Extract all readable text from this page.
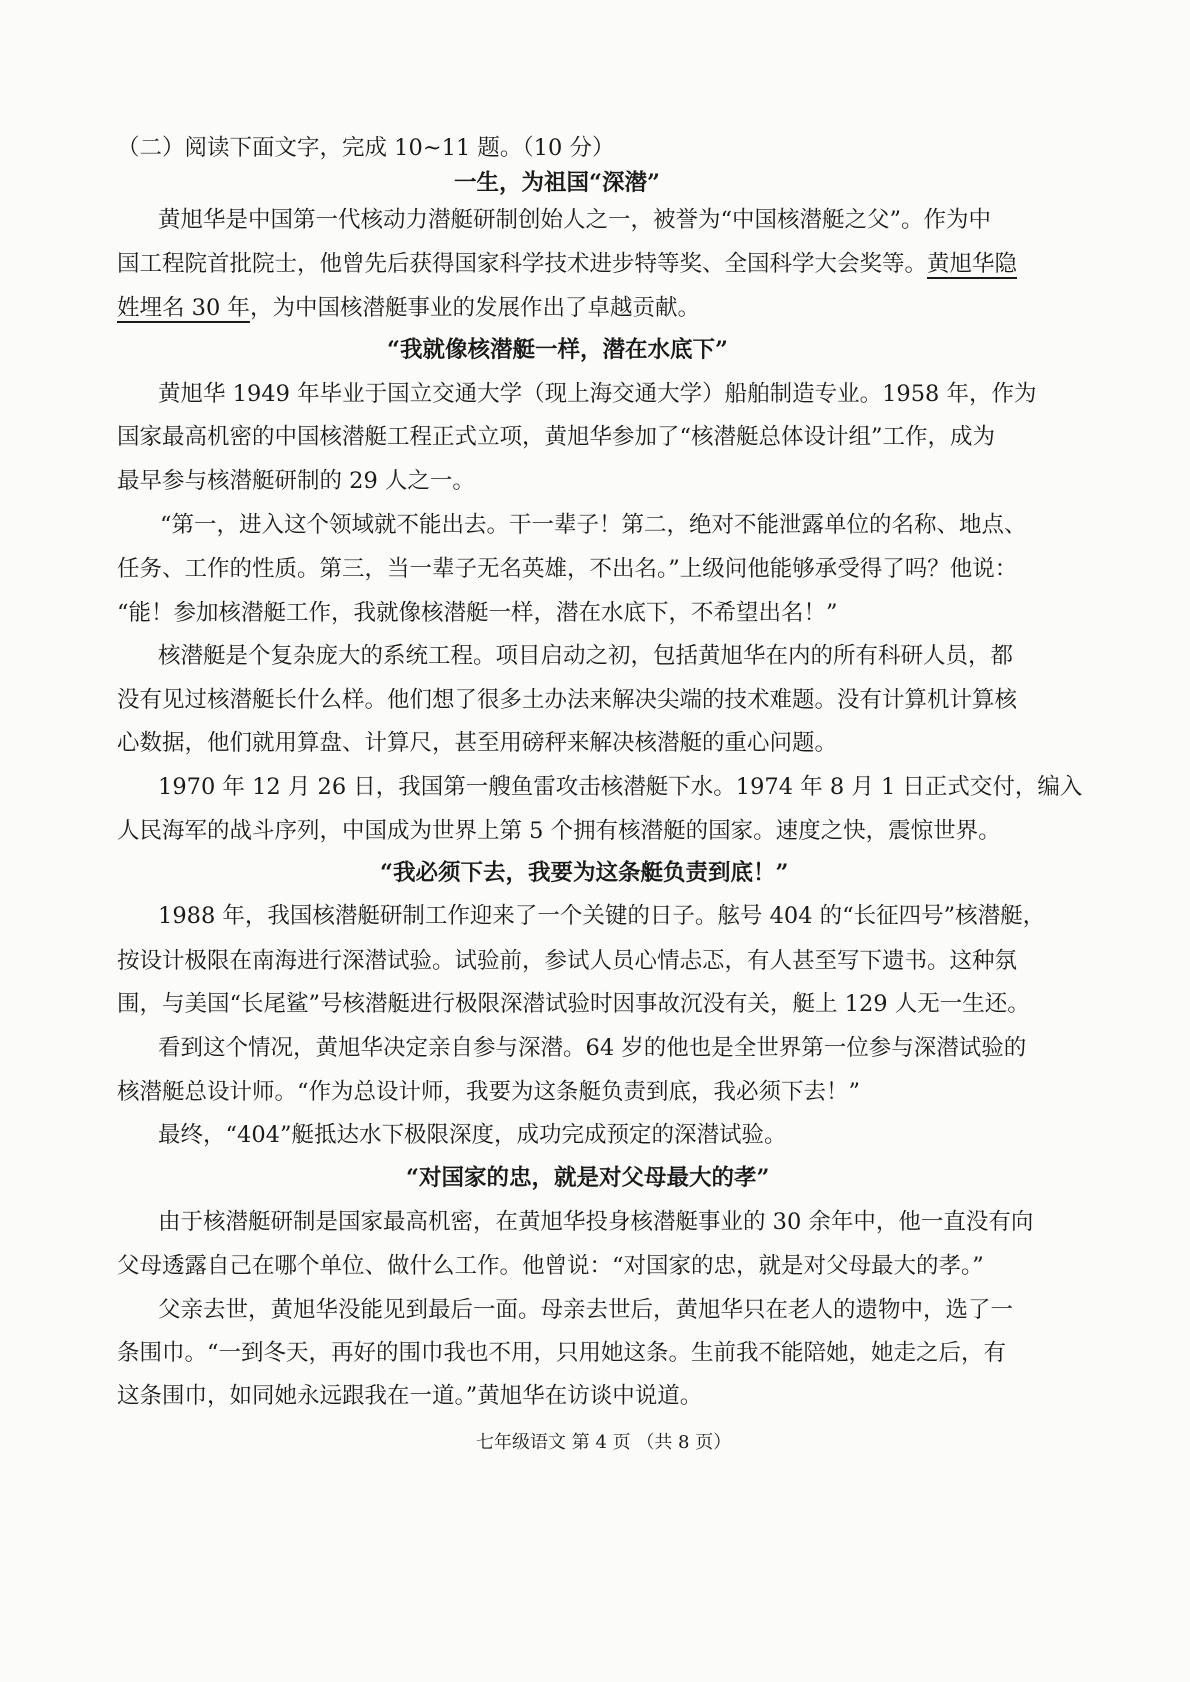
（二）阅读下面文字，完成 10~11 题。（10 分）
一生，为祖国“深潜”
黄旭华是中国第一代核动力潜艇研制创始人之一，被誉为“中国核潜艇之父”。作为中
国工程院首批院士，他曾先后获得国家科学技术进步特等奖、全国科学大会奖等。黄旭华隐
姓埋名 30 年，为中国核潜艇事业的发展作出了卓越贡献。
“我就像核潜艇一样，潜在水底下”
黄旭华 1949 年毕业于国立交通大学（现上海交通大学）船舶制造专业。1958 年，作为
国家最高机密的中国核潜艇工程正式立项，黄旭华参加了“核潜艇总体设计组”工作，成为
最早参与核潜艇研制的 29 人之一。
“第一，进入这个领域就不能出去。干一辈子！第二，绝对不能泄露单位的名称、地点、
任务、工作的性质。第三，当一辈子无名英雄，不出名。”上级问他能够承受得了吗？他说：
“能！参加核潜艇工作，我就像核潜艇一样，潜在水底下，不希望出名！”
核潜艇是个复杂庞大的系统工程。项目启动之初，包括黄旭华在内的所有科研人员，都
没有见过核潜艇长什么样。他们想了很多土办法来解决尖端的技术难题。没有计算机计算核
心数据，他们就用算盘、计算尺，甚至用磅秤来解决核潜艇的重心问题。
1970 年 12 月 26 日，我国第一艘鱼雷攻击核潜艇下水。1974 年 8 月 1 日正式交付，编入
人民海军的战斗序列，中国成为世界上第 5 个拥有核潜艇的国家。速度之快，震惊世界。
“我必须下去，我要为这条艇负责到底！”
1988 年，我国核潜艇研制工作迎来了一个关键的日子。舷号 404 的“长征四号”核潜艇，
按设计极限在南海进行深潜试验。试验前，参试人员心情忐忑，有人甚至写下遗书。这种氛
围，与美国“长尾鲨”号核潜艇进行极限深潜试验时因事故沉没有关，艇上 129 人无一生还。
看到这个情况，黄旭华决定亲自参与深潜。64 岁的他也是全世界第一位参与深潜试验的
核潜艇总设计师。“作为总设计师，我要为这条艇负责到底，我必须下去！”
最终，“404”艇抵达水下极限深度，成功完成预定的深潜试验。
“对国家的忠，就是对父母最大的孝”
由于核潜艇研制是国家最高机密，在黄旭华投身核潜艇事业的 30 余年中，他一直没有向
父母透露自己在哪个单位、做什么工作。他曾说：“对国家的忠，就是对父母最大的孝。”
父亲去世，黄旭华没能见到最后一面。母亲去世后，黄旭华只在老人的遗物中，选了一
条围巾。“一到冬天，再好的围巾我也不用，只用她这条。生前我不能陪她，她走之后，有
这条围巾，如同她永远跟我在一道。”黄旭华在访谈中说道。
七年级语文 第 4 页 （共 8 页）
